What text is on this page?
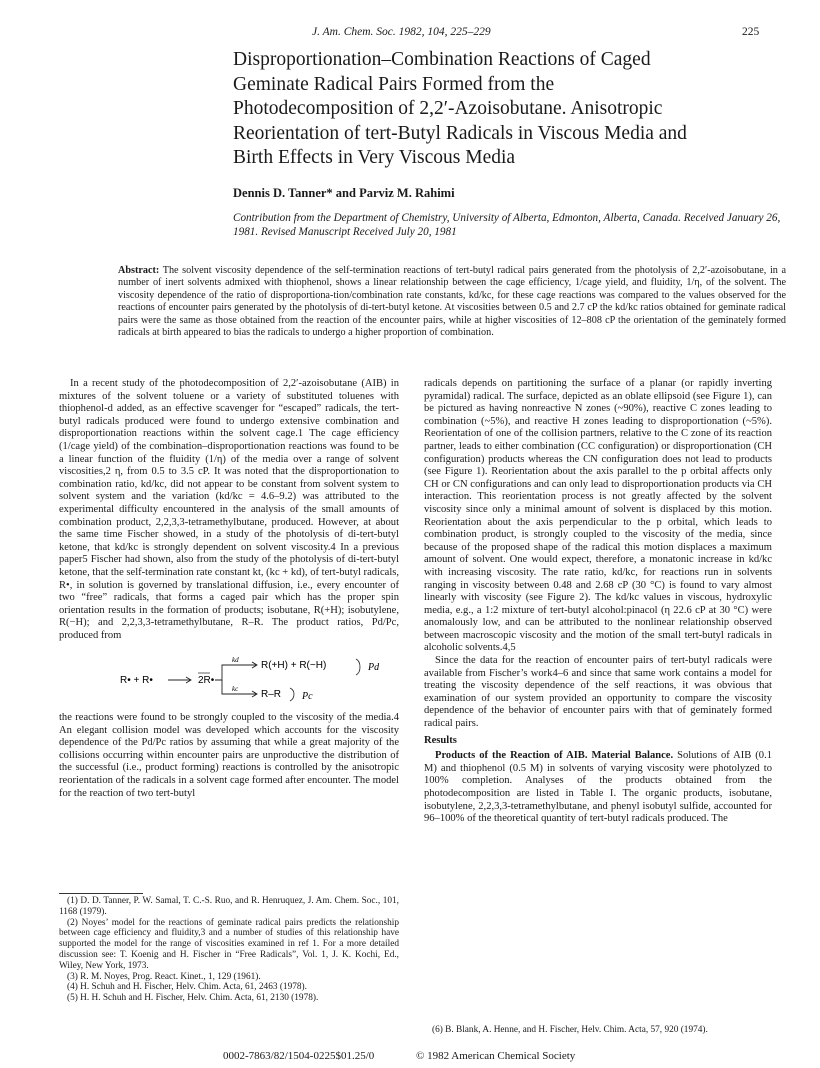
J. Am. Chem. Soc. 1982, 104, 225–229	225
Disproportionation–Combination Reactions of Caged
Geminate Radical Pairs Formed from the
Photodecomposition of 2,2′-Azoisobutane. Anisotropic
Reorientation of tert-Butyl Radicals in Viscous Media and
Birth Effects in Very Viscous Media
Dennis D. Tanner* and Parviz M. Rahimi
Contribution from the Department of Chemistry, University of Alberta, Edmonton, Alberta, Canada. Received January 26, 1981. Revised Manuscript Received July 20, 1981
Abstract: The solvent viscosity dependence of the self-termination reactions of tert-butyl radical pairs generated from the photolysis of 2,2′-azoisobutane, in a number of inert solvents admixed with thiophenol, shows a linear relationship between the cage efficiency, 1/cage yield, and fluidity, 1/η, of the solvent. The viscosity dependence of the ratio of disproportiona-tion/combination rate constants, kd/kc, for these cage reactions was compared to the values observed for the reactions of encounter pairs generated by the photolysis of di-tert-butyl ketone. At viscosities between 0.5 and 2.7 cP the kd/kc ratios obtained for geminate radical pairs were the same as those obtained from the reaction of the encounter pairs, while at higher viscosities of 12–808 cP the orientation of the geminately formed radicals at birth appeared to bias the radicals to undergo a higher proportion of combination.

In a recent study of the photodecomposition of 2,2′-azoisobutane (AIB) in mixtures of the solvent toluene or a variety of substituted toluenes with thiophenol-d added, as an effective scavenger for “escaped” radicals, the tert-butyl radicals produced were found to undergo extensive combination and disproportionation reactions within the solvent cage.1 The cage efficiency (1/cage yield) of the combination–disproportionation reactions was found to be a linear function of the fluidity (1/η) of the media over a range of solvent viscosities,2 η, from 0.5 to 3.5 cP. It was noted that the disproportionation to combination ratio, kd/kc, did not appear to be constant from solvent system to solvent system and the variation (kd/kc = 4.6–9.2) was attributed to the experimental difficulty encountered in the analysis of the small amounts of combination product, 2,2,3,3-tetramethylbutane, produced. However, at about the same time Fischer showed, in a study of the photolysis of di-tert-butyl ketone, that kd/kc is strongly dependent on solvent viscosity.4 In a previous paper5 Fischer had shown, also from the study of the photolysis of di-tert-butyl ketone, that the self-termination rate constant kt, (kc + kd), of tert-butyl radicals, R•, in solution is governed by translational diffusion, i.e., every encounter of two “free” radicals, that forms a caged pair which has the proper spin orientation results in the formation of products; isobutane, R(+H); isobutylene, R(−H); and 2,2,3,3-tetramethylbutane, R–R. The product ratios, Pd/Pc, produced from

R• + R•	2R•
kd
kc
R(+H) + R(−H)
R–R
Pd
Pc

the reactions were found to be strongly coupled to the viscosity of the media.4 An elegant collision model was developed which accounts for the viscosity dependence of the Pd/Pc ratios by assuming that while a great majority of the collisions occurring within encounter pairs are unproductive the distribution of the successful (i.e., product forming) reactions is controlled by the anisotropic reorientation of the radicals in a solvent cage formed after encounter. The model for the reaction of two tert-butyl

radicals depends on partitioning the surface of a planar (or rapidly inverting pyramidal) radical. The surface, depicted as an oblate ellipsoid (see Figure 1), can be pictured as having nonreactive N zones (~90%), reactive C zones leading to combination (~5%), and reactive H zones leading to disproportionation (~5%). Reorientation of one of the collision partners, relative to the C zone of its reaction partner, leads to either combination (CC configuration) or disproportionation (CH configuration) products whereas the CN configuration does not lead to products (see Figure 1). Reorientation about the axis parallel to the p orbital affects only CH or CN configurations and can only lead to disproportionation products via CH interaction. This reorientation process is not greatly affected by the solvent viscosity since only a minimal amount of solvent is displaced by this motion. Reorientation about the axis perpendicular to the p orbital, which leads to combination product, is strongly coupled to the viscosity of the media, since because of the proposed shape of the radical this motion displaces a maximum amount of solvent. One would expect, therefore, a monatonic increase in kd/kc with increasing viscosity. The rate ratio, kd/kc, for reactions run in solvents ranging in viscosity between 0.48 and 2.68 cP (30 °C) is found to vary almost linearly with viscosity (see Figure 2). The kd/kc values in viscous, hydroxylic media, e.g., a 1:2 mixture of tert-butyl alcohol:pinacol (η 22.6 cP at 30 °C) were anomalously low, and can be attributed to the nonlinear relationship observed between macroscopic viscosity and the motion of the small tert-butyl radicals in alcoholic solvents.4,5

Since the data for the reaction of encounter pairs of tert-butyl radicals were available from Fischer’s work4–6 and since that same work contains a model for treating the viscosity dependence of the self reactions, it was obvious that examination of our system provided an opportunity to compare the viscosity dependence of the behavior of encounter pairs with that of geminately formed radical pairs.

Results

Products of the Reaction of AIB. Material Balance. Solutions of AIB (0.1 M) and thiophenol (0.5 M) in solvents of varying viscosity were photolyzed to 100% completion. Analyses of the products obtained from the photodecomposition are listed in Table I. The organic products, isobutane, isobutylene, 2,2,3,3-tetramethylbutane, and phenyl isobutyl sulfide, accounted for 96–100% of the theoretical quantity of tert-butyl radicals produced. The

(1) D. D. Tanner, P. W. Samal, T. C.-S. Ruo, and R. Henruquez, J. Am. Chem. Soc., 101, 1168 (1979).
(2) Noyes’ model for the reactions of geminate radical pairs predicts the relationship between cage efficiency and fluidity,3 and a number of studies of this relationship have supported the model for the range of viscosities examined in ref 1. For a more detailed discussion see: T. Koenig and H. Fischer in “Free Radicals”, Vol. 1, J. K. Kochi, Ed., Wiley, New York, 1973.
(3) R. M. Noyes, Prog. React. Kinet., 1, 129 (1961).
(4) H. Schuh and H. Fischer, Helv. Chim. Acta, 61, 2463 (1978).
(5) H. H. Schuh and H. Fischer, Helv. Chim. Acta, 61, 2130 (1978).
(6) B. Blank, A. Henne, and H. Fischer, Helv. Chim. Acta, 57, 920 (1974).
0002-7863/82/1504-0225$01.25/0	© 1982 American Chemical Society
